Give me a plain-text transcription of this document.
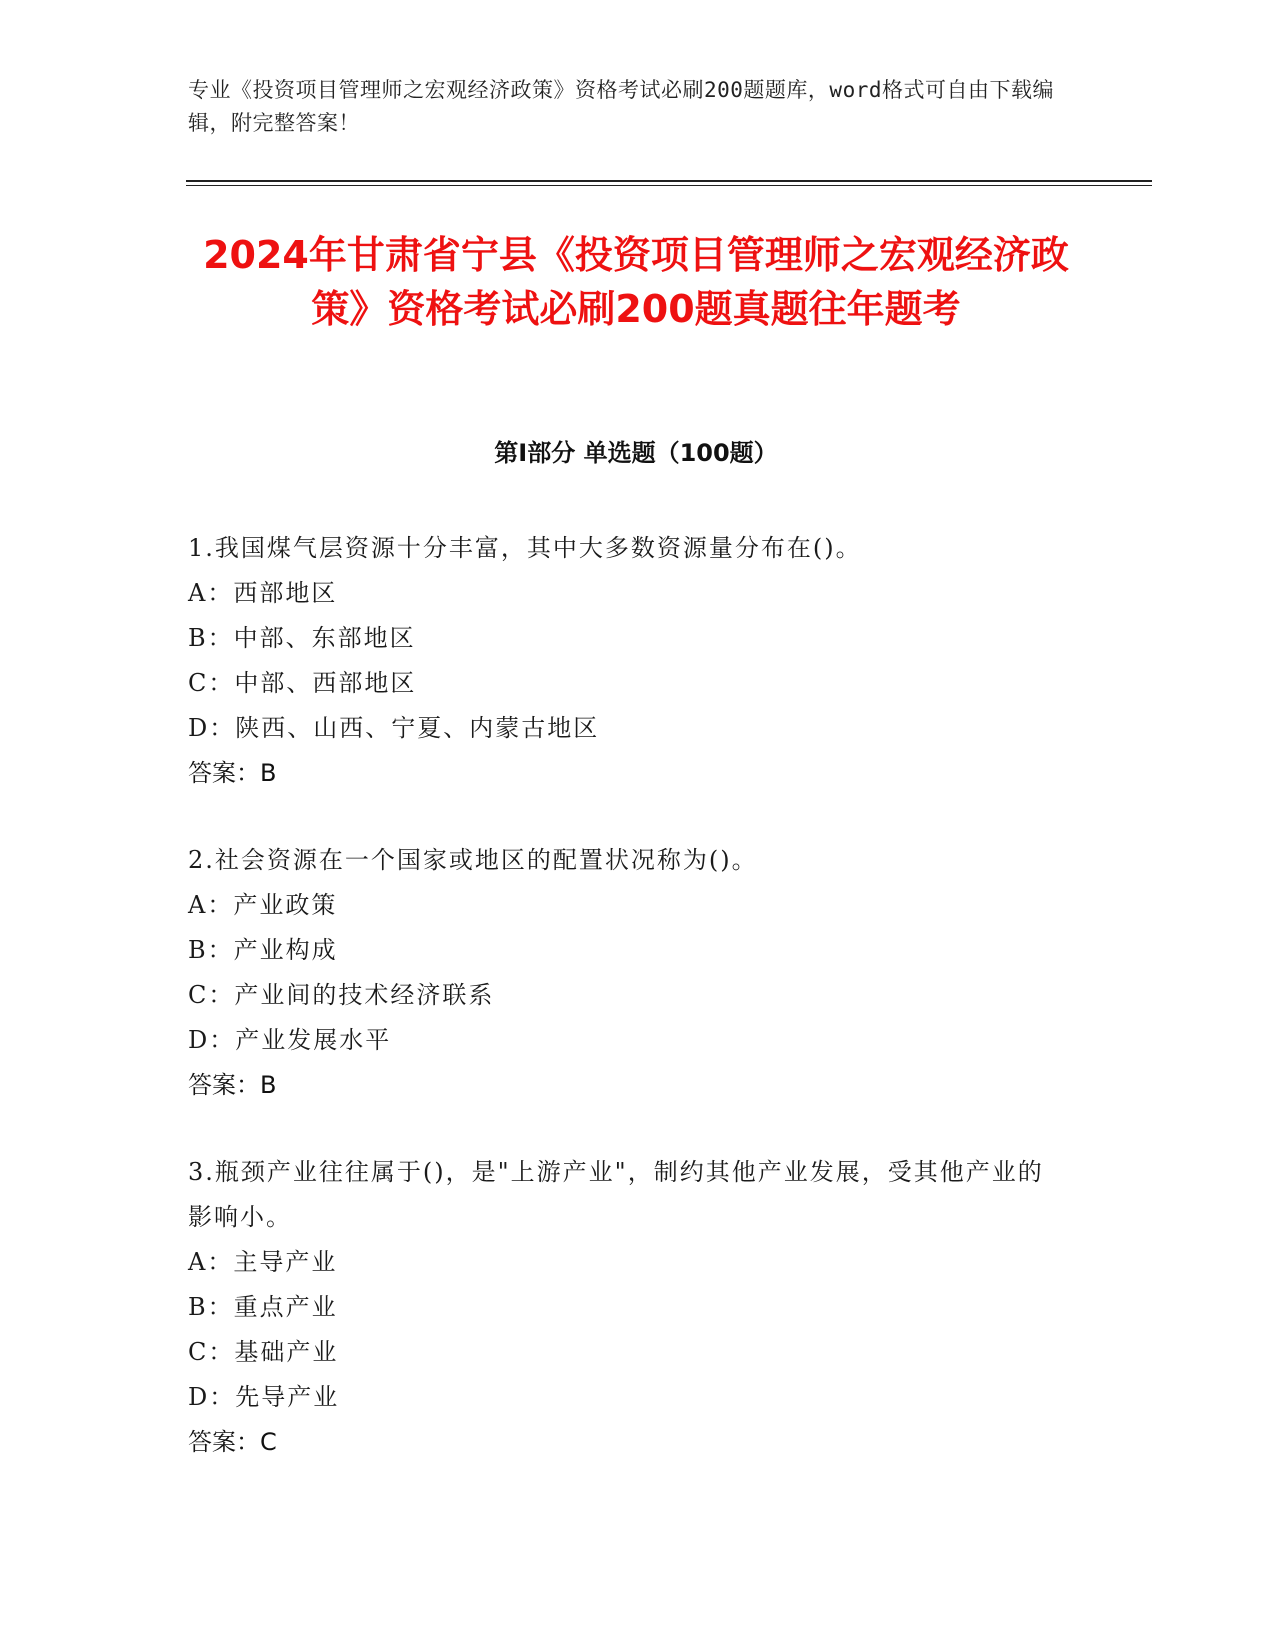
专业《投资项目管理师之宏观经济政策》资格考试必刷200题题库，word格式可自由下载编辑，附完整答案！
2024年甘肃省宁县《投资项目管理师之宏观经济政策》资格考试必刷200题真题往年题考
第Ⅰ部分 单选题（100题）
1.我国煤气层资源十分丰富，其中大多数资源量分布在()。
A：西部地区
B：中部、东部地区
C：中部、西部地区
D：陕西、山西、宁夏、内蒙古地区
答案：B
2.社会资源在一个国家或地区的配置状况称为()。
A：产业政策
B：产业构成
C：产业间的技术经济联系
D：产业发展水平
答案：B
3.瓶颈产业往往属于()，是"上游产业"，制约其他产业发展，受其他产业的影响小。
A：主导产业
B：重点产业
C：基础产业
D：先导产业
答案：C
